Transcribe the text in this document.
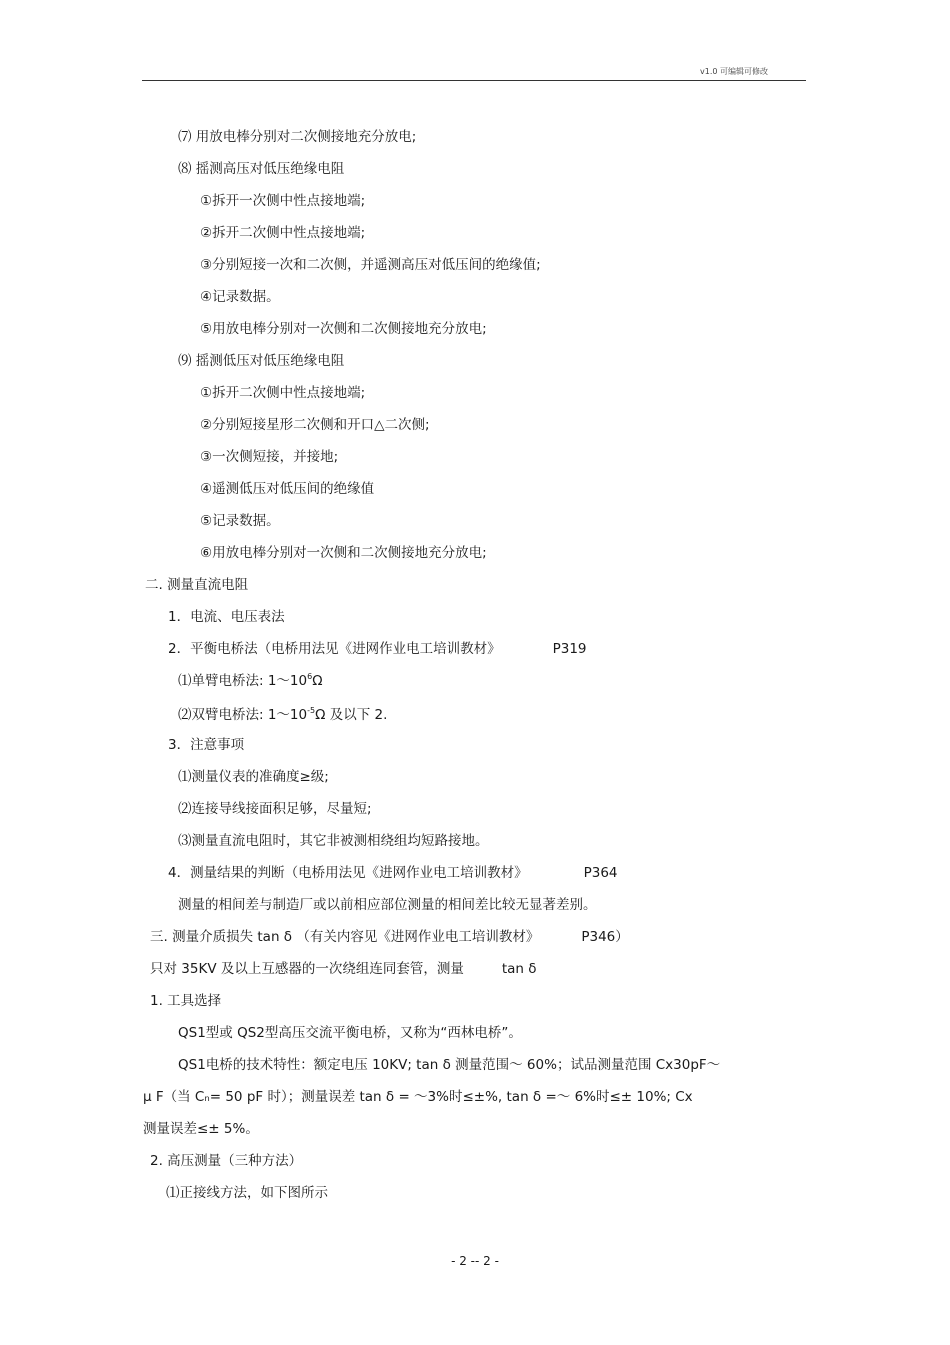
v1.0 可编辑可修改
⑺ 用放电棒分别对二次侧接地充分放电;
⑻ 摇测高压对低压绝缘电阻
①拆开一次侧中性点接地端;
②拆开二次侧中性点接地端;
③分别短接一次和二次侧，并遥测高压对低压间的绝缘值;
④记录数据。
⑤用放电棒分别对一次侧和二次侧接地充分放电;
⑼ 摇测低压对低压绝缘电阻
①拆开二次侧中性点接地端;
②分别短接星形二次侧和开口△二次侧;
③一次侧短接，并接地;
④遥测低压对低压间的绝缘值
⑤记录数据。
⑥用放电棒分别对一次侧和二次侧接地充分放电;
二. 测量直流电阻
1．电流、电压表法
2．平衡电桥法（电桥用法见《进网作业电工培训教材》	P319
⑴单臂电桥法: $1\sim 10^6\Omega$
⑵双臂电桥法: $1\sim 10^{-5}\Omega$ 及以下 2.
3．注意事项
⑴测量仪表的准确度≥级;
⑵连接导线接面积足够，尽量短;
⑶测量直流电阻时，其它非被测相绕组均短路接地。
4．测量结果的判断（电桥用法见《进网作业电工培训教材》	P364
测量的相间差与制造厂或以前相应部位测量的相间差比较无显著差别。
三. 测量介质损失 tan δ （有关内容见《进网作业电工培训教材》	P346）
只对 35KV 及以上互感器的一次绕组连同套管，测量	tan δ
1. 工具选择
QS1型或 QS2型高压交流平衡电桥，又称为“西林电桥”。
QS1电桥的技术特性：额定电压 10KV; tan δ 测量范围～ 60%；试品测量范围 Cx30pF～
μ F（当 Cₙ= 50 pF 时）；测量误差 tan δ = ～3%时≤±%, tan δ =～ 6%时≤± 10%; Cx
测量误差≤± 5%。
2. 高压测量（三种方法）
⑴正接线方法，如下图所示
- 2 -- 2 -
